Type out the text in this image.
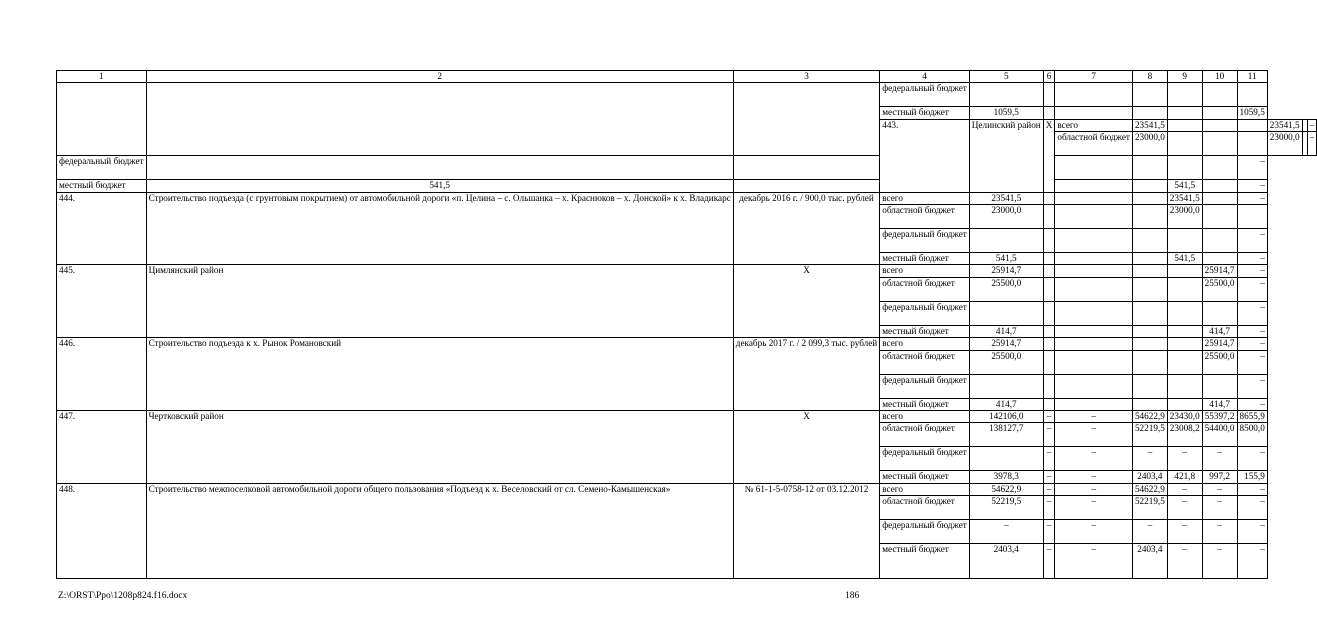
1	2	3	4	5	6	7	8	9	10	11			
			федеральный бюджет										
			местный бюджет	1059,5						1059,5			
			443.	Целинский район	X	всего	23541,5				23541,5		–
						областной бюджет	23000,0				23000,0		–
федеральный бюджет										–			
местный бюджет	541,5							541,5		–			
444.	Строительство подъезда (с грунтовым покрытием) от автомобильной дороги «п. Целина – с. Ольшанка – х. Краснюков – х. Донской» к х. Владикарс	декабрь 2016 г. / 900,0 тыс. рублей	всего	23541,5				23541,5		–			
			областной бюджет	23000,0				23000,0					
			федеральный бюджет							–			
			местный бюджет	541,5				541,5		–			
445.	Цимлянский район	X	всего	25914,7					25914,7	–			
			областной бюджет	25500,0					25500,0	–			
			федеральный бюджет							–			
			местный бюджет	414,7					414,7	–			
446.	Строительство подъезда к х. Рынок Романовский	декабрь 2017 г. / 2 099,3 тыс. рублей	всего	25914,7					25914,7	–			
			областной бюджет	25500,0					25500,0	–			
			федеральный бюджет							–			
			местный бюджет	414,7					414,7	–			
447.	Чертковский район	X	всего	142106,0	–	–	54622,9	23430,0	55397,2	8655,9			
			областной бюджет	138127,7	–	–	52219,5	23008,2	54400,0	8500,0			
			федеральный бюджет		–	–	–	–	–	–			
			местный бюджет	3978,3	–	–	2403,4	421,8	997,2	155,9			
448.	Строительство межпоселковой автомобильной дороги общего пользования «Подъезд к х. Веселовский от сл. Семено-Камышенская»	№ 61-1-5-0758-12 от 03.12.2012	всего	54622,9	–	–	54622,9	–	–	–			
			областной бюджет	52219,5	–	–	52219,5	–	–	–			
			федеральный бюджет	–	–	–	–	–	–	–			
			местный бюджет	2403,4	–	–	2403,4	–	–	–			
Z:\ORST\Ppo\1208p824.f16.docx	186
